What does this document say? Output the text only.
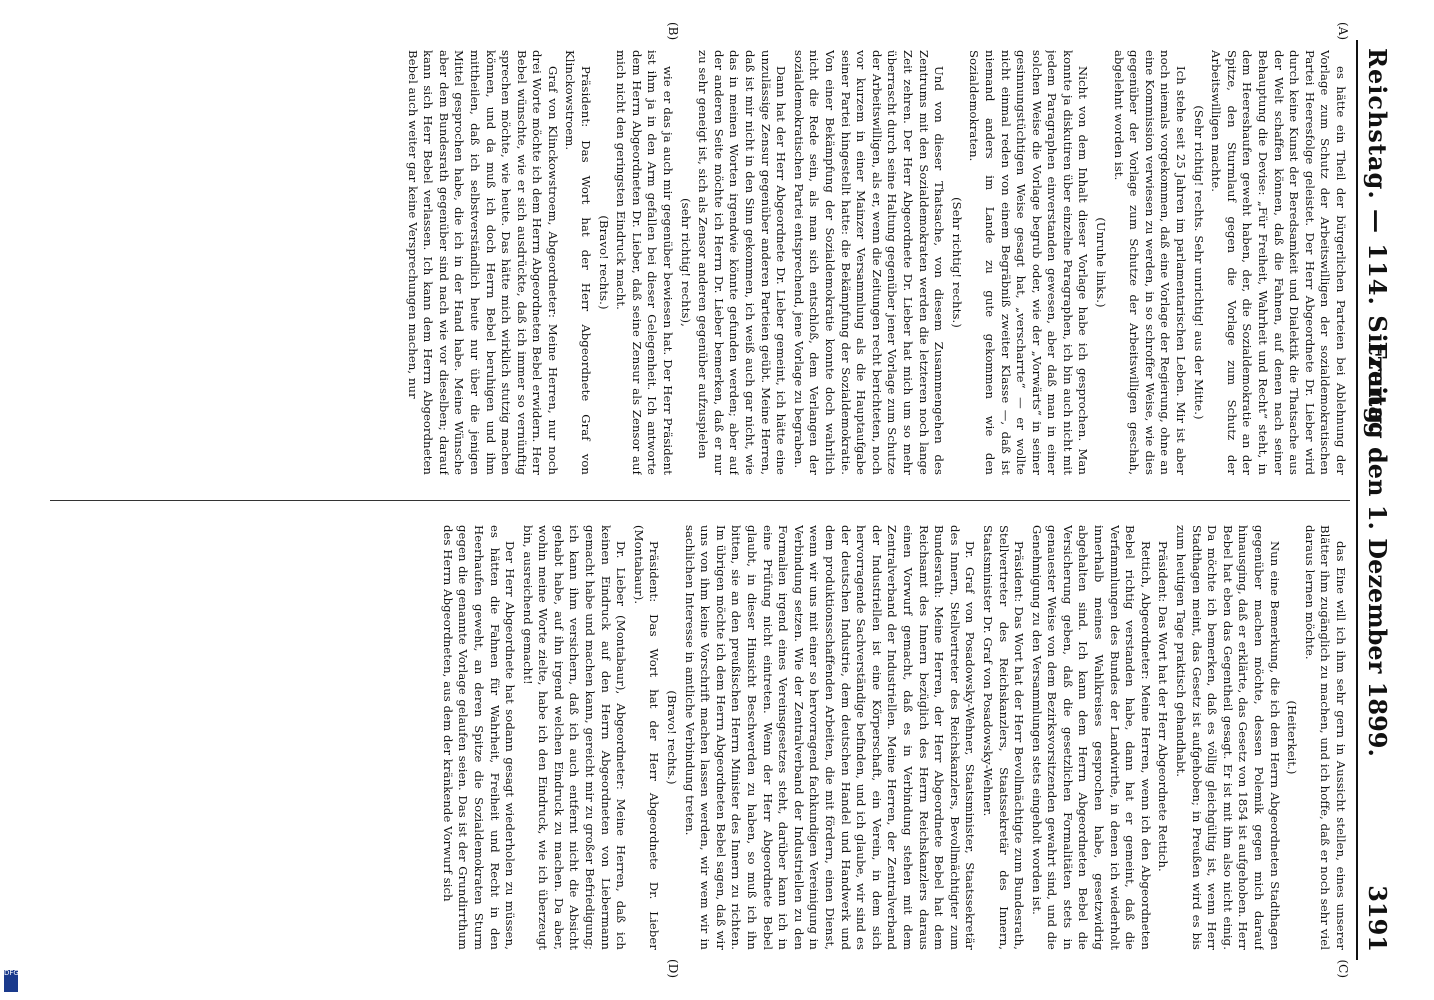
Reichstag. — 114. Sitzung.
Freitag den 1. Dezember 1899. 3191
(A)
(B)
(C)
(D)

es hätte ein Theil der bürgerlichen Parteien bei Ablehnung der Vorlage zum Schutz der Arbeitswilligen der sozialdemokratischen Partei Heeresfolge geleistet. Der Herr Abgeordnete Dr. Lieber wird durch keine Kunst der Beredsamkeit und Dialektik die Thatsache aus der Welt schaffen können, daß die Fahnen, auf denen nach seiner Behauptung die Devise: „Für Freiheit, Wahrheit und Recht“ steht, in dem Heereshaufen geweht haben, der, die Sozialdemokratie an der Spitze, den Sturmlauf gegen die Vorlage zum Schutz der Arbeitswilligen machte.

(Sehr richtig! rechts. Sehr unrichtig! aus der Mitte.)

Ich stehe seit 25 Jahren im parlamentarischen Leben. Mir ist aber noch niemals vorgekommen, daß eine Vorlage der Regierung, ohne an eine Kommission verwiesen zu werden, in so schroffer Weise, wie dies gegenüber der Vorlage zum Schutze der Arbeitswilligen geschah, abgelehnt worden ist.

(Unruhe links.)

Nicht von dem Inhalt dieser Vorlage habe ich gesprochen. Man konnte ja diskutiren über einzelne Paragraphen, ich bin auch nicht mit jedem Paragraphen einverstanden gewesen, aber daß man in einer solchen Weise die Vorlage begrub oder, wie der „Vorwärts“ in seiner gesinnungstüchtigen Weise gesagt hat, „verscharrte“ — er wollte nicht einmal reden von einem Begräbniß zweiter Klasse —, daß ist niemand anders im Lande zu gute gekommen wie den Sozialdemokraten.

(Sehr richtig! rechts.)

Und von dieser Thatsache, von diesem Zusammengehen des Zentrums mit den Sozialdemokraten werden die letzteren noch lange Zeit zehren. Der Herr Abgeordnete Dr. Lieber hat mich um so mehr überrascht durch seine Haltung gegenüber jener Vorlage zum Schutze der Arbeitswilligen, als er, wenn die Zeitungen recht berichteten, noch vor kurzem in einer Mainzer Versammlung als die Hauptaufgabe seiner Partei hingestellt hatte: die Bekämpfung der Sozialdemokratie. Von einer Bekämpfung der Sozialdemokratie konnte doch wahrlich nicht die Rede sein, als man sich entschloß, dem Verlangen der sozialdemokratischen Partei entsprechend, jene Vorlage zu begraben.

Dann hat der Herr Abgeordnete Dr. Lieber gemeint, ich hätte eine unzulässige Zensur gegenüber anderen Parteien geübt. Meine Herren, daß ist mir nicht in den Sinn gekommen, ich weiß auch gar nicht, wie das in meinen Worten irgendwie könnte gefunden werden; aber auf der anderen Seite möchte ich Herrn Dr. Lieber bemerken, daß er nur zu sehr geneigt ist, sich als Zensor anderen gegenüber aufzuspielen

(sehr richtig! rechts),

wie er das ja auch mir gegenüber bewiesen hat. Der Herr Präsident ist ihm ja in den Arm gefallen bei dieser Gelegenheit. Ich antworte dem Herrn Abgeordneten Dr. Lieber, daß seine Zensur als Zensor auf mich nicht den geringsten Eindruck macht.

(Bravo! rechts.)

Präsident: Das Wort hat der Herr Abgeordnete Graf von Klinckowstroem.

Graf von Klinckowstroem, Abgeordneter: Meine Herren, nur noch drei Worte möchte ich dem Herrn Abgeordneten Bebel erwidern. Herr Bebel wünschte, wie er sich ausdrückte, daß ich immer so vernünftig sprechen möchte, wie heute. Das hätte mich wirklich stutzig machen können, und da muß ich doch Herrn Bebel beruhigen und ihm mittheilen, daß ich selbstverständlich heute nur über die jenigen Mittel gesprochen habe, die ich in der Hand habe. Meine Wünsche aber dem Bundesrath gegenüber sind nach wie vor dieselben; darauf kann sich Herr Bebel verlassen. Ich kann dem Herrn Abgeordneten Bebel auch weiter gar keine Versprechungen machen, nur

das Eine will ich ihm sehr gern in Aussicht stellen, eines unserer Blätter ihm zugänglich zu machen, und ich hoffe, daß er noch sehr viel daraus lernen möchte.

(Heiterkeit.)

Nun eine Bemerkung, die ich dem Herrn Abgeordneten Stadthagen gegenüber machen möchte, dessen Polemik gegen mich darauf hinausging, daß er erklärte, das Gesetz von 1854 ist aufgehoben. Herr Bebel hat eben das Gegentheil gesagt. Er ist mit ihm also nicht einig. Da möchte ich bemerken, daß es völlig gleichgültig ist, wenn Herr Stadthagen meint, das Gesetz ist aufgehoben; in Preußen wird es bis zum heutigen Tage praktisch gehandhabt.

Präsident: Das Wort hat der Herr Abgeordnete Rettich.

Rettich, Abgeordneter: Meine Herren, wenn ich den Abgeordneten Bebel richtig verstanden habe, dann hat er gemeint, daß die Verfammlungen des Bundes der Landwirthe, in denen ich wiederholt innerhalb meines Wahlkreises gesprochen habe, gesetzwidrig abgehalten sind. Ich kann dem Herrn Abgeordneten Bebel die Versicherung geben, daß die gesetzlichen Formalitäten stets in genauester Weise von dem Bezirksvorsitzenden gewahrt sind, und die Genehmigung zu den Versammlungen stets eingeholt worden ist.

Präsident: Das Wort hat der Herr Bevollmächtigte zum Bundesrath, Stellvertreter des Reichskanzlers, Staatssekretär des Innern, Staatsminister Dr. Graf von Posadowsky-Wehner.

Dr. Graf von Posadowsky-Wehner, Staatsminister, Staatssekretär des Innern, Stellvertreter des Reichskanzlers, Bevollmächtigter zum Bundesrath: Meine Herren, der Herr Abgeordnete Bebel hat dem Reichsamt des Innern bezüglich des Herrn Reichskanzlers daraus einen Vorwurf gemacht, daß es in Verbindung stehen mit dem Zentralverband der Industriellen. Meine Herren, der Zentralverband der Industriellen ist eine Körperschaft, ein Verein, in dem sich hervorragende Sachverständige befinden, und ich glaube, wir sind es der deutschen Industrie, dem deutschen Handel und Handwerk und dem produktionsschaffenden Arbeiten, die mit fördern, einen Dienst, wenn wir uns mit einer so hervorragend fachkundigen Vereinigung in Verbindung setzen. Wie der Zentralverband der Industriellen zu den Formalien irgend eines Vereinsgesetzes steht, darüber kann ich in eine Prüfung nicht eintreten. Wenn der Herr Abgeordnete Bebel glaubt, in dieser Hinsicht Beschwerden zu haben, so muß ich ihn bitten, sie an den preußischen Herrn Minister des Innern zu richten. Im übrigen möchte ich dem Herrn Abgeordneten Bebel sagen, daß wir uns von ihm keine Vorschrift machen lassen werden, wir wem wir in sachlichen Interesse in amtliche Verbindung treten.

(Bravo! rechts.)

Präsident: Das Wort hat der Herr Abgeordnete Dr. Lieber (Montabaur).

Dr. Lieber (Montabaur), Abgeordneter: Meine Herren, daß ich keinen Eindruck auf den Herrn Abgeordneten von Liebermann gemacht habe und machen kann, gereicht mir zu großer Befriedigung; ich kann ihm versichern, daß ich auch entfernt nicht die Absicht gehabt habe, auf ihn irgend welchen Eindruck zu machen. Da aber, wohin meine Worte zielte, habe ich den Eindruck, wie ich überzeugt bin, ausreichend gemacht!

Der Herr Abgeordnete hat sodann gesagt wiederholen zu müssen, es hätten die Fahnen für Wahrheit, Freiheit und Recht in den Heerhaufen geweht, an deren Spitze die Sozialdemokraten Sturm gegen die genannte Vorlage gelaufen seien. Das ist der Grundirrthum des Herrn Abgeordneten, aus dem der kränkende Vorwurf sich

DFG
